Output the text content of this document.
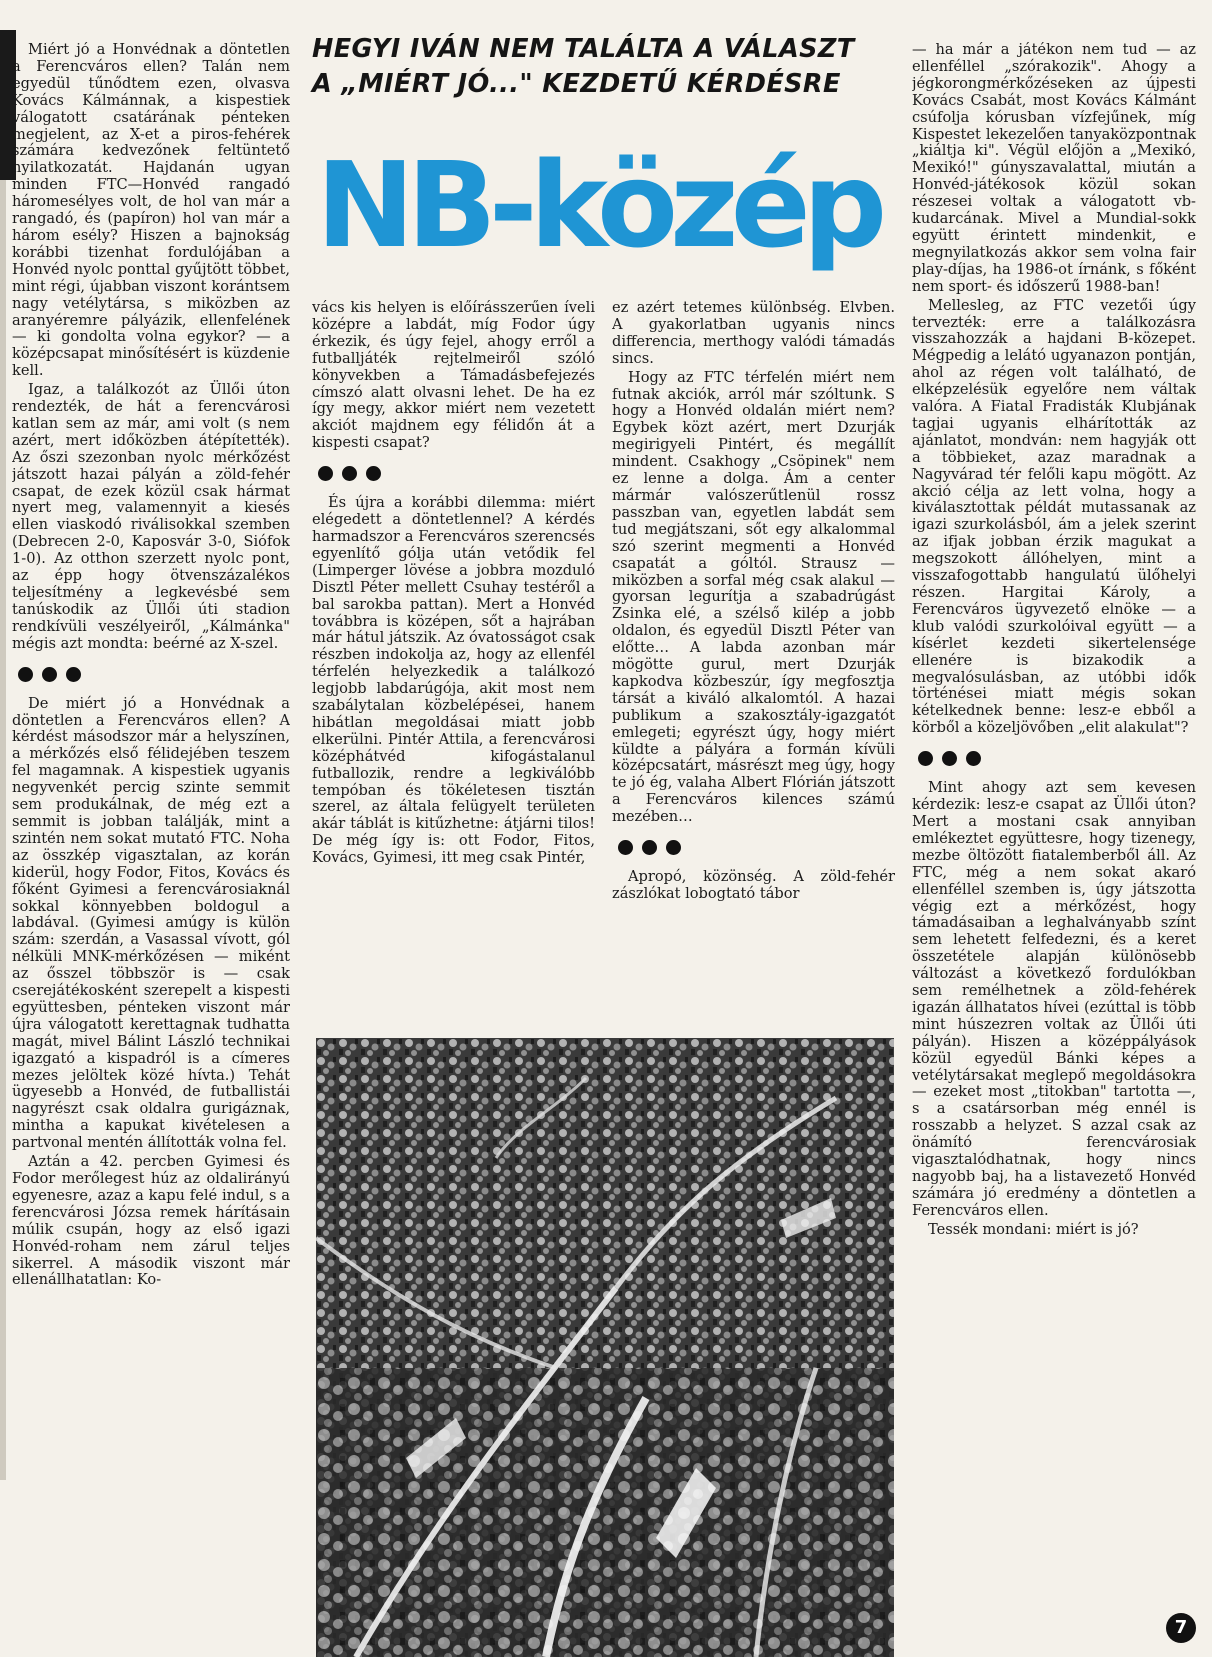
Miért jó a Honvédnak a döntetlen a Ferencváros ellen? Talán nem egyedül tűnődtem ezen, olvasva Kovács Kálmánnak, a kispestiek válogatott csatárának pénteken megjelent, az X-et a piros-fehérek számára kedvezőnek feltüntető nyilatkozatát. Hajdanán ugyan minden FTC—Honvéd rangadó háromesélyes volt, de hol van már a rangadó, és (papíron) hol van már a három esély? Hiszen a bajnokság korábbi tizenhat fordulójában a Honvéd nyolc ponttal gyűjtött többet, mint régi, újabban viszont korántsem nagy vetélytársa, s miközben az aranyéremre pályázik, ellenfelének — ki gondolta volna egykor? — a középcsapat minősítésért is küzdenie kell.

Igaz, a találkozót az Üllői úton rendezték, de hát a ferencvárosi katlan sem az már, ami volt (s nem azért, mert időközben átépítették). Az őszi szezonban nyolc mérkőzést játszott hazai pályán a zöld-fehér csapat, de ezek közül csak hármat nyert meg, valamennyit a kiesés ellen viaskodó riválisokkal szemben (Debrecen 2-0, Kaposvár 3-0, Siófok 1-0). Az otthon szerzett nyolc pont, az épp hogy ötvenszázalékos teljesítmény a legkevésbé sem tanúskodik az Üllői úti stadion rendkívüli veszélyeiről, „Kálmánka" mégis azt mondta: beérné az X-szel.

De miért jó a Honvédnak a döntetlen a Ferencváros ellen? A kérdést másodszor már a helyszínen, a mérkőzés első félidejében teszem fel magamnak. A kispestiek ugyanis negyvenkét percig szinte semmit sem produkálnak, de még ezt a semmit is jobban találják, mint a szintén nem sokat mutató FTC. Noha az összkép vigasztalan, az korán kiderül, hogy Fodor, Fitos, Kovács és főként Gyimesi a ferencvárosiaknál sokkal könnyebben boldogul a labdával. (Gyimesi amúgy is külön szám: szerdán, a Vasassal vívott, gól nélküli MNK-mérkőzésen — miként az ősszel többször is — csak cserejátékosként szerepelt a kispesti együttesben, pénteken viszont már újra válogatott kerettagnak tudhatta magát, mivel Bálint László technikai igazgató a kispadról is a címeres mezes jelöltek közé hívta.) Tehát ügyesebb a Honvéd, de futballistái nagyrészt csak oldalra gurigáznak, mintha a kapukat kivételesen a partvonal mentén állították volna fel.

Aztán a 42. percben Gyimesi és Fodor merőlegest húz az oldalirányú egyenesre, azaz a kapu felé indul, s a ferencvárosi Józsa remek hárításain múlik csupán, hogy az első igazi Honvéd-roham nem zárul teljes sikerrel. A második viszont már ellenállhatatlan: Ko-

HEGYI IVÁN NEM TALÁLTA A VÁLASZT
A „MIÉRT JÓ..." KEZDETŰ KÉRDÉSRE
NB-közép

vács kis helyen is előírásszerűen íveli középre a labdát, míg Fodor úgy érkezik, és úgy fejel, ahogy erről a futballjáték rejtelmeiről szóló könyvekben a Támadásbefejezés címszó alatt olvasni lehet. De ha ez így megy, akkor miért nem vezetett akciót majdnem egy félidőn át a kispesti csapat?

És újra a korábbi dilemma: miért elégedett a döntetlennel? A kérdés harmadszor a Ferencváros szerencsés egyenlítő gólja után vetődik fel (Limperger lövése a jobbra mozduló Disztl Péter mellett Csuhay testéről a bal sarokba pattan). Mert a Honvéd továbbra is középen, sőt a hajrában már hátul játszik. Az óvatosságot csak részben indokolja az, hogy az ellenfél térfelén helyezkedik a találkozó legjobb labdarúgója, akit most nem szabálytalan közbelépései, hanem hibátlan megoldásai miatt jobb elkerülni. Pintér Attila, a ferencvárosi középhátvéd kifogástalanul futballozik, rendre a legkiválóbb tempóban és tökéletesen tisztán szerel, az általa felügyelt területen akár táblát is kitűzhetne: átjárni tilos! De még így is: ott Fodor, Fitos, Kovács, Gyimesi, itt meg csak Pintér,

ez azért tetemes különbség. Elvben. A gyakorlatban ugyanis nincs differencia, merthogy valódi támadás sincs.

Hogy az FTC térfelén miért nem futnak akciók, arról már szóltunk. S hogy a Honvéd oldalán miért nem? Egybek közt azért, mert Dzurják megirigyeli Pintért, és megállít mindent. Csakhogy „Csöpinek" nem ez lenne a dolga. Ám a center mármár valószerűtlenül rossz passzban van, egyetlen labdát sem tud megjátszani, sőt egy alkalommal szó szerint megmenti a Honvéd csapatát a góltól. Strausz — miközben a sorfal még csak alakul — gyorsan legurítja a szabadrúgást Zsinka elé, a szélső kilép a jobb oldalon, és egyedül Disztl Péter van előtte… A labda azonban már mögötte gurul, mert Dzurják kapkodva közbeszúr, így megfosztja társát a kiváló alkalomtól. A hazai publikum a szakosztály-igazgatót emlegeti; egyrészt úgy, hogy miért küldte a pályára a formán kívüli középcsatárt, másrészt meg úgy, hogy te jó ég, valaha Albert Flórián játszott a Ferencváros kilences számú mezében…

Apropó, közönség. A zöld-fehér zászlókat lobogtató tábor

— ha már a játékon nem tud — az ellenféllel „szórakozik". Ahogy a jégkorongmérkőzéseken az újpesti Kovács Csabát, most Kovács Kálmánt csúfolja kórusban vízfejűnek, míg Kispestet lekezelően tanyaközpontnak „kiáltja ki". Végül előjön a „Mexikó, Mexikó!" gúnyszavalattal, miután a Honvéd-játékosok közül sokan részesei voltak a válogatott vb-kudarcának. Mivel a Mundial-sokk együtt érintett mindenkit, e megnyilatkozás akkor sem volna fair play-díjas, ha 1986-ot írnánk, s főként nem sport- és időszerű 1988-ban!

Mellesleg, az FTC vezetői úgy tervezték: erre a találkozásra visszahozzák a hajdani B-közepet. Mégpedig a lelátó ugyanazon pontján, ahol az régen volt található, de elképzelésük egyelőre nem váltak valóra. A Fiatal Fradisták Klubjának tagjai ugyanis elhárították az ajánlatot, mondván: nem hagyják ott a többieket, azaz maradnak a Nagyvárad tér felőli kapu mögött. Az akció célja az lett volna, hogy a kiválasztottak példát mutassanak az igazi szurkolásból, ám a jelek szerint az ifjak jobban érzik magukat a megszokott állóhelyen, mint a visszafogottabb hangulatú ülőhelyi részen. Hargitai Károly, a Ferencváros ügyvezető elnöke — a klub valódi szurkolóival együtt — a kísérlet kezdeti sikertelensége ellenére is bizakodik a megvalósulásban, az utóbbi idők történései miatt mégis sokan kételkednek benne: lesz-e ebből a körből a közeljövőben „elit alakulat"?

Mint ahogy azt sem kevesen kérdezik: lesz-e csapat az Üllői úton? Mert a mostani csak annyiban emlékeztet együttesre, hogy tizenegy, mezbe öltözött fiatalemberből áll. Az FTC, még a nem sokat akaró ellenféllel szemben is, úgy játszotta végig ezt a mérkőzést, hogy támadásaiban a leghalványabb színt sem lehetett felfedezni, és a keret összetétele alapján különösebb változást a következő fordulókban sem remélhetnek a zöld-fehérek igazán állhatatos hívei (ezúttal is több mint húszezren voltak az Üllői úti pályán). Hiszen a középpályások közül egyedül Bánki képes a vetélytársakat meglepő megoldásokra — ezeket most „titokban" tartotta —, s a csatársorban még ennél is rosszabb a helyzet. S azzal csak az önámító ferencvárosiak vigasztalódhatnak, hogy nincs nagyobb baj, ha a listavezető Honvéd számára jó eredmény a döntetlen a Ferencváros ellen.

Tessék mondani: miért is jó?

7
